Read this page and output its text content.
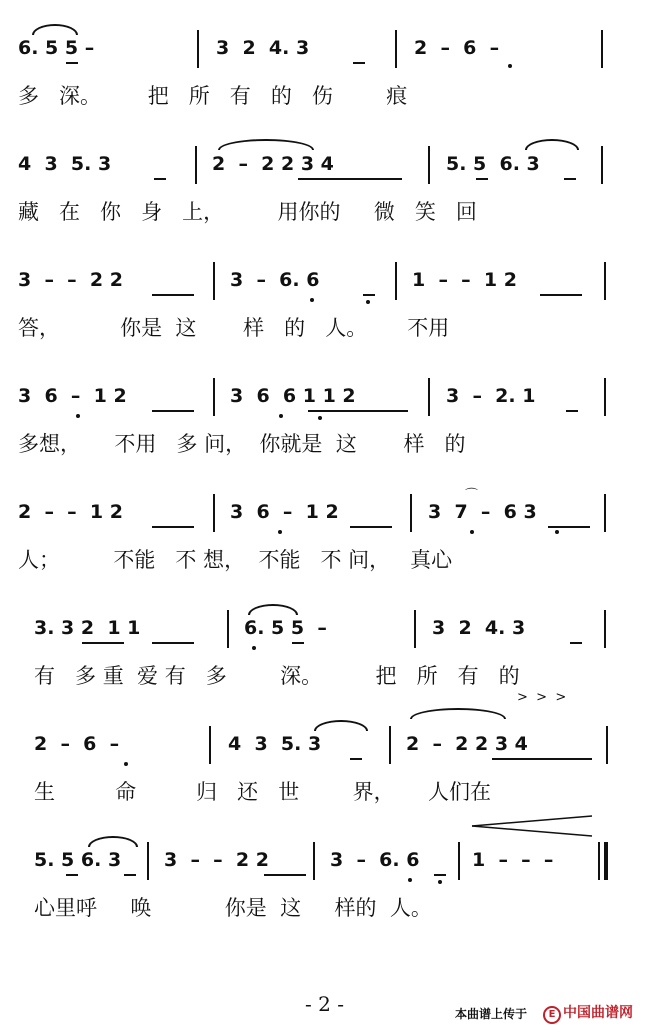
6. 5 5 –	3  2  4. 3	2  –  6  –
多   深。       把   所   有   的   伤        痕
4  3  5. 3	2  –  2 2 3 4	5. 5  6. 3
藏   在   你   身   上，        用你的     微   笑   回
3  –  –  2 2	3  –  6. 6	1  –  –  1 2
答，         你是  这       样   的   人。      不用
3  6  –  1 2	3  6  6 1 1 2	3  –  2. 1
多想，     不用   多 问，  你就是  这       样   的
2  –  –  1 2	3  6  –  1 2	3  7  –  6 3
⌒
人；        不能   不 想，  不能   不 问，   真心
3. 3 2  1 1	6. 5 5  –	3  2  4. 3
有   多 重  爱 有   多        深。        把   所   有   的
2  –  6  –	4  3  5. 3	2  –  2 2 3 4
>  >  >
生         命         归   还   世        界，     人们在
5. 5 6. 3 3  –  –  2 2	3  –  6. 6	1  –  –  –
心里呼     唤           你是  这     样的  人。
- 2 -	本曲谱上传于	E 中国曲谱网
